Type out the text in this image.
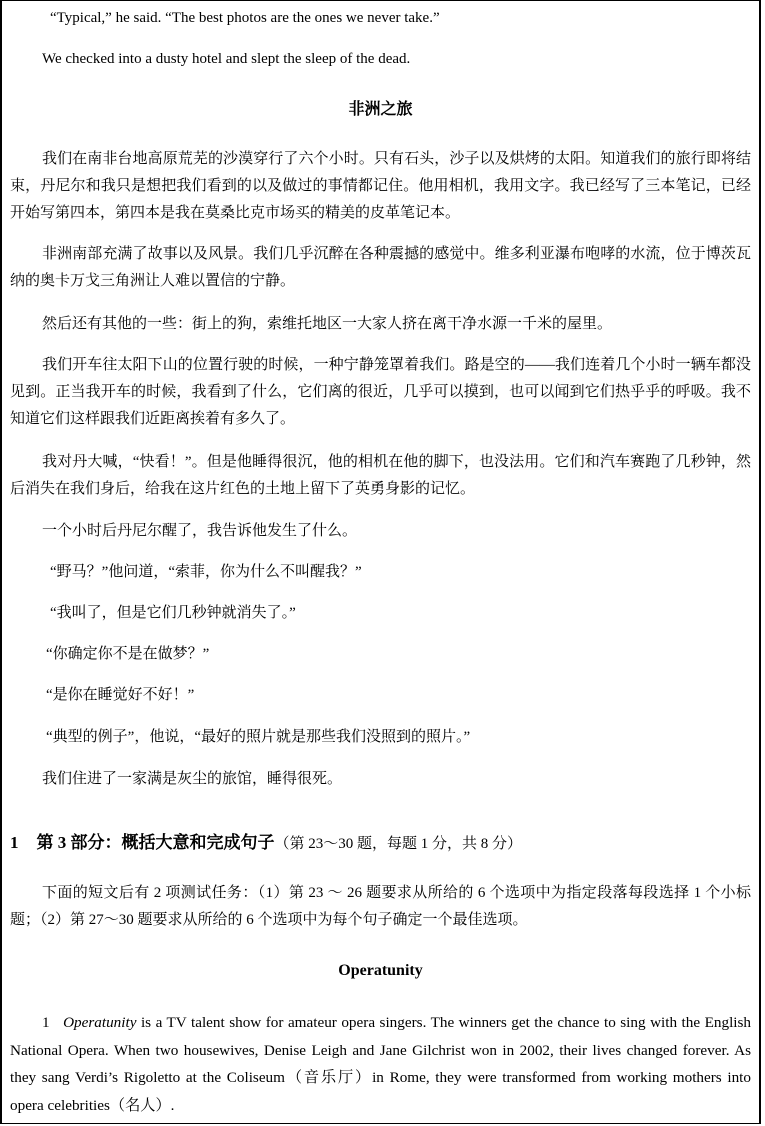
“Typical,” he said. “The best photos are the ones we never take.”
We checked into a dusty hotel and slept the sleep of the dead.
非洲之旅
我们在南非台地高原荒芜的沙漠穿行了六个小时。只有石头，沙子以及烘烤的太阳。知道我们的旅行即将结束，丹尼尔和我只是想把我们看到的以及做过的事情都记住。他用相机，我用文字。我已经写了三本笔记，已经开始写第四本，第四本是我在莫桑比克市场买的精美的皮革笔记本。
非洲南部充满了故事以及风景。我们几乎沉醉在各种震撼的感觉中。维多利亚瀑布咆哮的水流，位于博茨瓦纳的奥卡万戈三角洲让人难以置信的宁静。
然后还有其他的一些：街上的狗，索维托地区一大家人挤在离干净水源一千米的屋里。
我们开车往太阳下山的位置行驶的时候，一种宁静笼罩着我们。路是空的——我们连着几个小时一辆车都没见到。正当我开车的时候，我看到了什么，它们离的很近，几乎可以摸到，也可以闻到它们热乎乎的呼吸。我不知道它们这样跟我们近距离挨着有多久了。
我对丹大喊，“快看！”。但是他睡得很沉，他的相机在他的脚下，也没法用。它们和汽车赛跑了几秒钟，然后消失在我们身后，给我在这片红色的土地上留下了英勇身影的记忆。
一个小时后丹尼尔醒了，我告诉他发生了什么。
“野马？”他问道，“索菲，你为什么不叫醒我？”
“我叫了，但是它们几秒钟就消失了。”
“你确定你不是在做梦？”
“是你在睡觉好不好！”
“典型的例子”，他说，“最好的照片就是那些我们没照到的照片。”
我们住进了一家满是灰尘的旅馆，睡得很死。
1 第 3 部分：概括大意和完成句子（第 23～30 题，每题 1 分，共 8 分）
下面的短文后有 2 项测试任务：（1）第 23 ～ 26 题要求从所给的 6 个选项中为指定段落每段选择 1 个小标题；（2）第 27～30 题要求从所给的 6 个选项中为每个句子确定一个最佳选项。
Operatunity
1 Operatunity is a TV talent show for amateur opera singers. The winners get the chance to sing with the English National Opera. When two housewives, Denise Leigh and Jane Gilchrist won in 2002, their lives changed forever. As they sang Verdi’s Rigoletto at the Coliseum（音乐厅）in Rome, they were transformed from working mothers into opera celebrities（名人）.
